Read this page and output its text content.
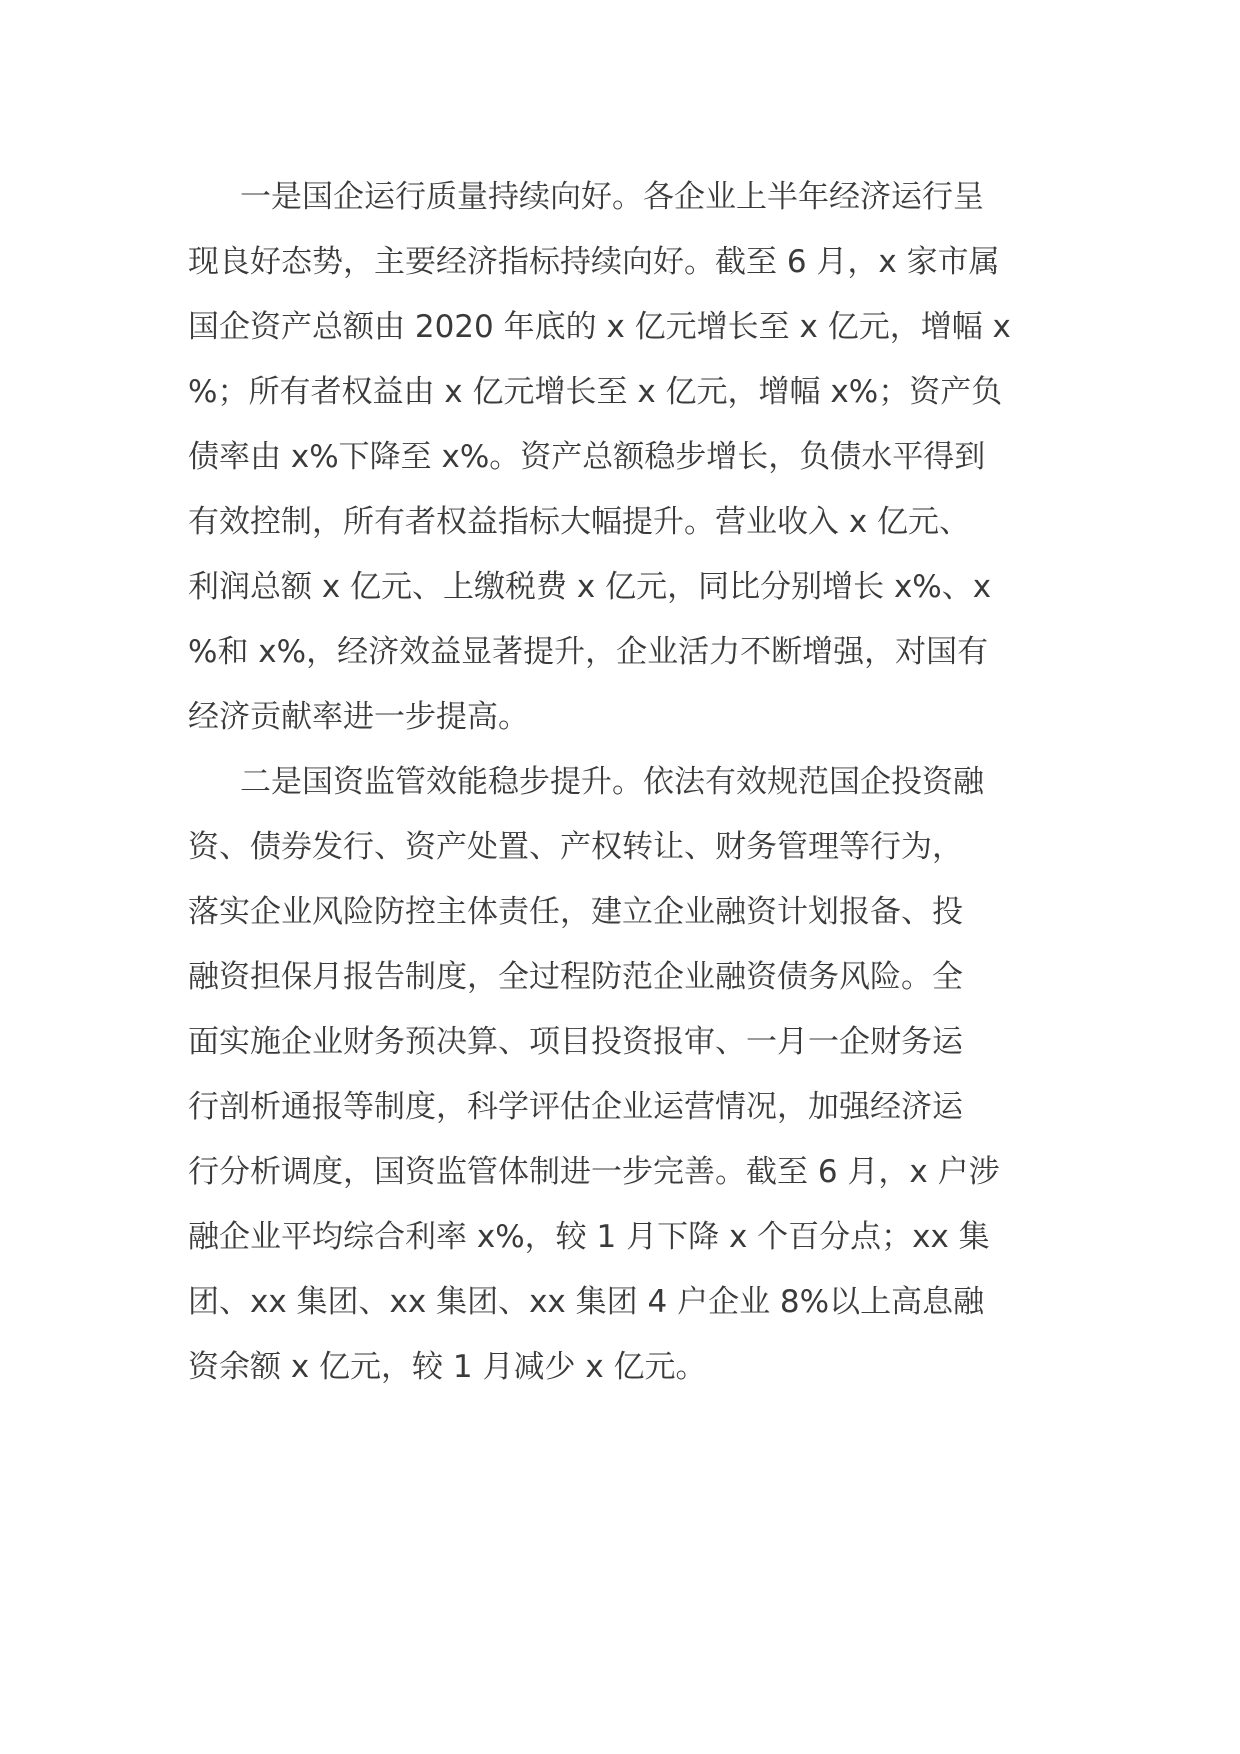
一是国企运行质量持续向好。各企业上半年经济运行呈
现良好态势，主要经济指标持续向好。截至 6 月，x 家市属
国企资产总额由 2020 年底的 x 亿元增长至 x 亿元，增幅 x
%；所有者权益由 x 亿元增长至 x 亿元，增幅 x%；资产负
债率由 x%下降至 x%。资产总额稳步增长，负债水平得到
有效控制，所有者权益指标大幅提升。营业收入 x 亿元、
利润总额 x 亿元、上缴税费 x 亿元，同比分别增长 x%、x
%和 x%，经济效益显著提升，企业活力不断增强，对国有
经济贡献率进一步提高。
二是国资监管效能稳步提升。依法有效规范国企投资融
资、债券发行、资产处置、产权转让、财务管理等行为，
落实企业风险防控主体责任，建立企业融资计划报备、投
融资担保月报告制度，全过程防范企业融资债务风险。全
面实施企业财务预决算、项目投资报审、一月一企财务运
行剖析通报等制度，科学评估企业运营情况，加强经济运
行分析调度，国资监管体制进一步完善。截至 6 月，x 户涉
融企业平均综合利率 x%，较 1 月下降 x 个百分点；xx 集
团、xx 集团、xx 集团、xx 集团 4 户企业 8%以上高息融
资余额 x 亿元，较 1 月减少 x 亿元。
